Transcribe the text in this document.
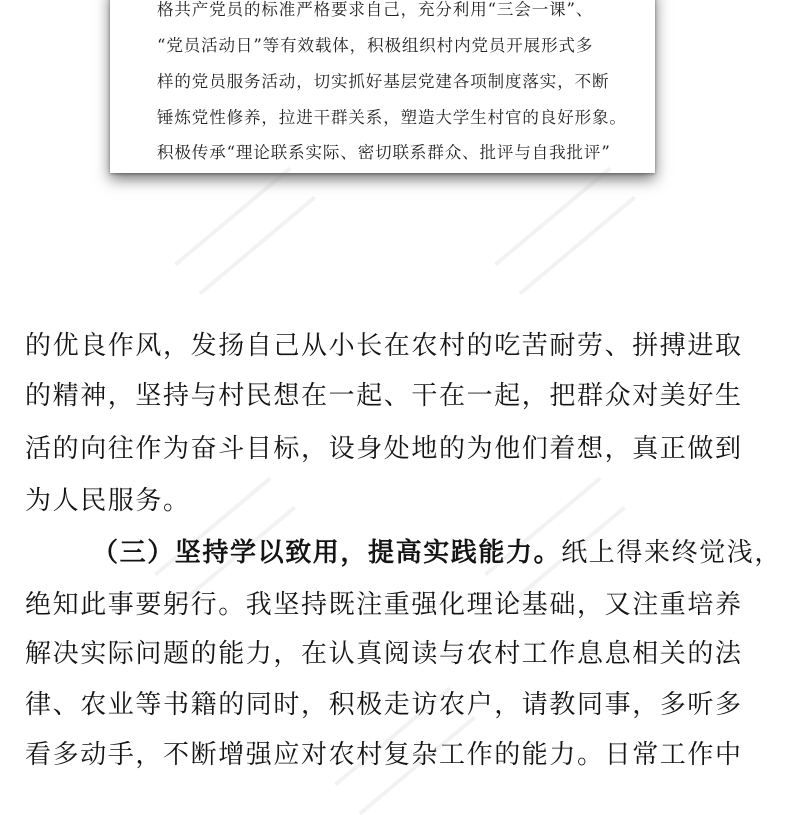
格共产党员的标准严格要求自己，充分利用“三会一课”、
“党员活动日”等有效载体，积极组织村内党员开展形式多
样的党员服务活动，切实抓好基层党建各项制度落实，不断
锤炼党性修养，拉进干群关系，塑造大学生村官的良好形象。
积极传承“理论联系实际、密切联系群众、批评与自我批评”
的优良作风，发扬自己从小长在农村的吃苦耐劳、拼搏进取
的精神，坚持与村民想在一起、干在一起，把群众对美好生
活的向往作为奋斗目标，设身处地的为他们着想，真正做到
为人民服务。
（三）坚持学以致用，提高实践能力。纸上得来终觉浅，
绝知此事要躬行。我坚持既注重强化理论基础，又注重培养
解决实际问题的能力，在认真阅读与农村工作息息相关的法
律、农业等书籍的同时，积极走访农户，请教同事，多听多
看多动手，不断增强应对农村复杂工作的能力。日常工作中
